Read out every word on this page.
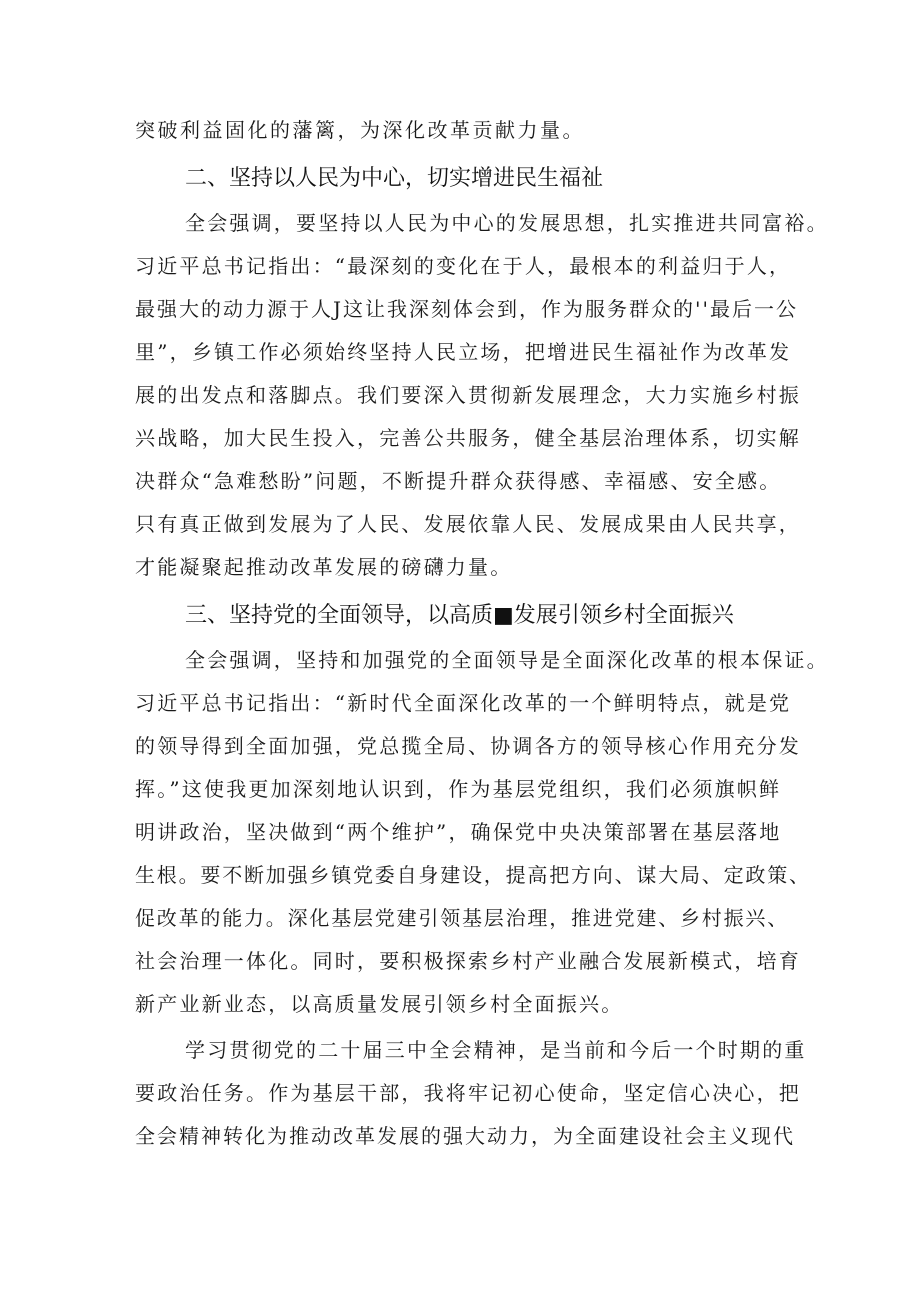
突破利益固化的藩篱，为深化改革贡献力量。
二、坚持以人民为中心，切实增进民生福祉
全会强调，要坚持以人民为中心的发展思想，扎实推进共同富裕。
习近平总书记指出：“最深刻的变化在于人，最根本的利益归于人，
最强大的动力源于人J这让我深刻体会到，作为服务群众的''最后一公
里”，乡镇工作必须始终坚持人民立场，把增进民生福祉作为改革发
展的出发点和落脚点。我们要深入贯彻新发展理念，大力实施乡村振
兴战略，加大民生投入，完善公共服务，健全基层治理体系，切实解
决群众“急难愁盼”问题，不断提升群众获得感、幸福感、安全感。
只有真正做到发展为了人民、发展依靠人民、发展成果由人民共享，
才能凝聚起推动改革发展的磅礴力量。
三、坚持党的全面领导，以高质■发展引领乡村全面振兴
全会强调，坚持和加强党的全面领导是全面深化改革的根本保证。
习近平总书记指出：“新时代全面深化改革的一个鲜明特点，就是党
的领导得到全面加强，党总揽全局、协调各方的领导核心作用充分发
挥。”这使我更加深刻地认识到，作为基层党组织，我们必须旗帜鲜
明讲政治，坚决做到“两个维护”，确保党中央决策部署在基层落地
生根。要不断加强乡镇党委自身建设，提高把方向、谋大局、定政策、
促改革的能力。深化基层党建引领基层治理，推进党建、乡村振兴、
社会治理一体化。同时，要积极探索乡村产业融合发展新模式，培育
新产业新业态，以高质量发展引领乡村全面振兴。
学习贯彻党的二十届三中全会精神，是当前和今后一个时期的重
要政治任务。作为基层干部，我将牢记初心使命，坚定信心决心，把
全会精神转化为推动改革发展的强大动力，为全面建设社会主义现代
